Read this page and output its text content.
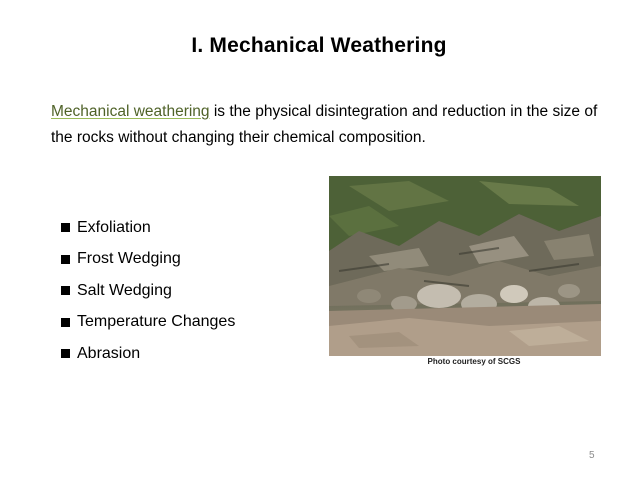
I. Mechanical Weathering
Mechanical weathering is the physical disintegration and reduction in the size of the rocks without changing their chemical composition.
Exfoliation
Frost Wedging
Salt Wedging
Temperature Changes
Abrasion	Photo courtesy of SCGS
5
